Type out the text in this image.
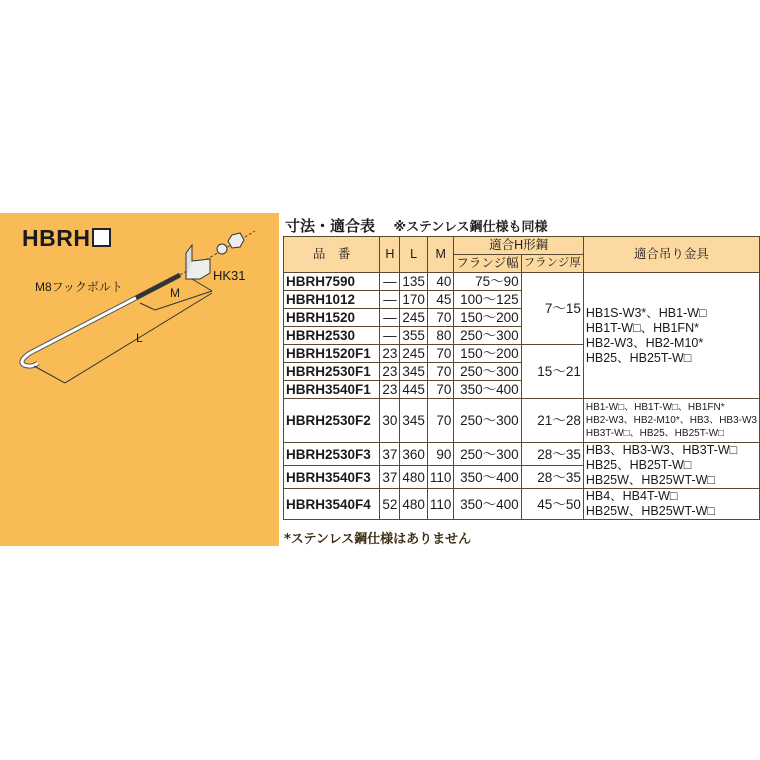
HBRH
M8フックボルト
HK31
M
L
寸法・適合表 ※ステンレス鋼仕様も同様
品　番	H	L	M	適合H形鋼		適合吊り金具
				フランジ幅	フランジ厚	
HBRH7590	—	135	40	75〜90	7〜15	HB1S-W3*、HB1-W□
HB1T-W□、HB1FN*
HB2-W3、HB2-M10*
HB25、HB25T-W□

HBRH1012	—	170	45	100〜125		
HBRH1520	—	245	70	150〜200		
HBRH2530	—	355	80	250〜300		
HBRH1520F1	23	245	70	150〜200	15〜21	
HBRH2530F1	23	345	70	250〜300		
HBRH3540F1	23	445	70	350〜400		
HBRH2530F2	30	345	70	250〜300	21〜28	HB1-W□、HB1T-W□、HB1FN*
HB2-W3、HB2-M10*、HB3、HB3-W3
HB3T-W□、HB25、HB25T-W□

HBRH2530F3	37	360	90	250〜300	28〜35	HB3、HB3-W3、HB3T-W□
HB25、HB25T-W□
HB25W、HB25WT-W□

HBRH3540F3	37	480	110	350〜400	28〜35	
HBRH3540F4	52	480	110	350〜400	45〜50	HB4、HB4T-W□
HB25W、HB25WT-W□
*ステンレス鋼仕様はありません
